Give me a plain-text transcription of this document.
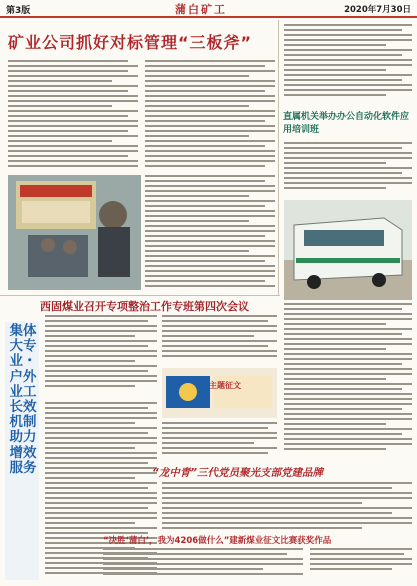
第3版	蒲白矿工	2020年7月30日
矿业公司抓好对标管理“三板斧”
直属机关举办办公自动化软件应用培训班
西固煤业召开专项整治工作专班第四次会议
集体大专业・户外业工长效机制助力增效服务
主题征文
“龙中青”三代党员聚光支部党建品牌
“决胜‘蒲白’，我为4206做什么”建新煤业征文比赛获奖作品
